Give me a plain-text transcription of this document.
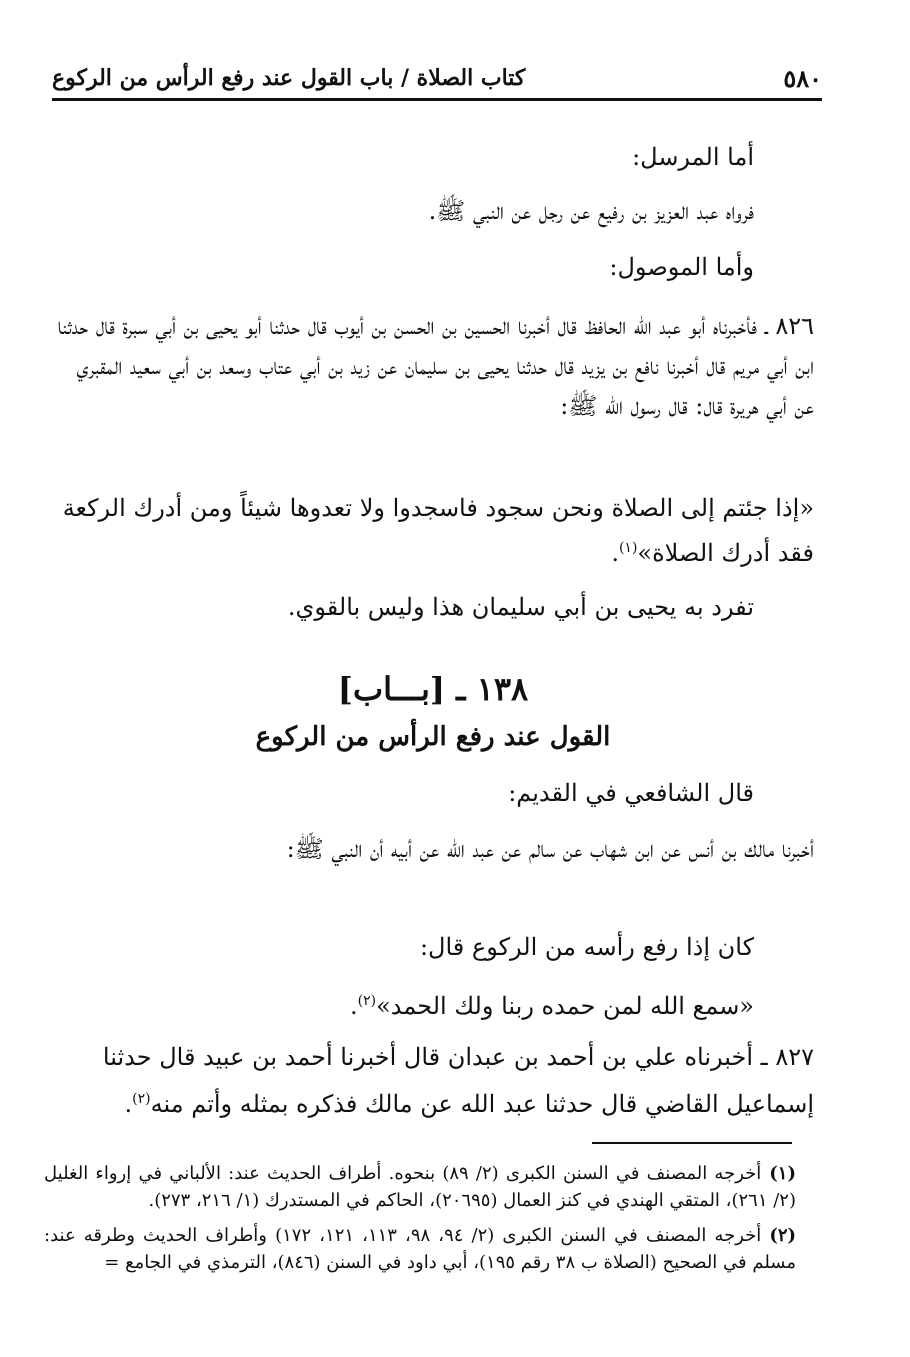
٥٨٠
كتاب الصلاة / باب القول عند رفع الرأس من الركوع

أما المرسل:

فرواه عبد العزيز بن رفيع عن رجل عن النبي ﷺ.

وأما الموصول:

٨٢٦ ـ فأخبرناه أبو عبد الله الحافظ قال أخبرنا الحسين بن الحسن بن أيوب قال حدثنا أبو يحيى بن أبي سبرة قال حدثنا ابن أبي مريم قال أخبرنا نافع بن يزيد قال حدثنا يحيى بن سليمان عن زيد بن أبي عتاب وسعد بن أبي سعيد المقبري عن أبي هريرة قال: قال رسول الله ﷺ:

«إذا جئتم إلى الصلاة ونحن سجود فاسجدوا ولا تعدوها شيئاً ومن أدرك الركعة فقد أدرك الصلاة»$^{(١)}$.

تفرد به يحيى بن أبي سليمان هذا وليس بالقوي.

١٣٨ ـ [بـــاب]
القول عند رفع الرأس من الركوع

قال الشافعي في القديم:

أخبرنا مالك بن أنس عن ابن شهاب عن سالم عن عبد الله عن أبيه أن النبي ﷺ:

كان إذا رفع رأسه من الركوع قال:

«سمع الله لمن حمده ربنا ولك الحمد»$^{(٢)}$.

٨٢٧ ـ أخبرناه علي بن أحمد بن عبدان قال أخبرنا أحمد بن عبيد قال حدثنا إسماعيل القاضي قال حدثنا عبد الله عن مالك فذكره بمثله وأتم منه$^{(٢)}$.

(١)أخرجه المصنف في السنن الكبرى (٢/ ٨٩) بنحوه. أطراف الحديث عند: الألباني في إرواء الغليل (٢/ ٢٦١)، المتقي الهندي في كنز العمال (٢٠٦٩٥)، الحاكم في المستدرك (١/ ٢١٦، ٢٧٣).
(٢)أخرجه المصنف في السنن الكبرى (٢/ ٩٤، ٩٨، ١١٣، ١٢١، ١٧٢) وأطراف الحديث وطرقه عند: مسلم في الصحيح (الصلاة ب ٣٨ رقم ١٩٥)، أبي داود في السنن (٨٤٦)، الترمذي في الجامع =
